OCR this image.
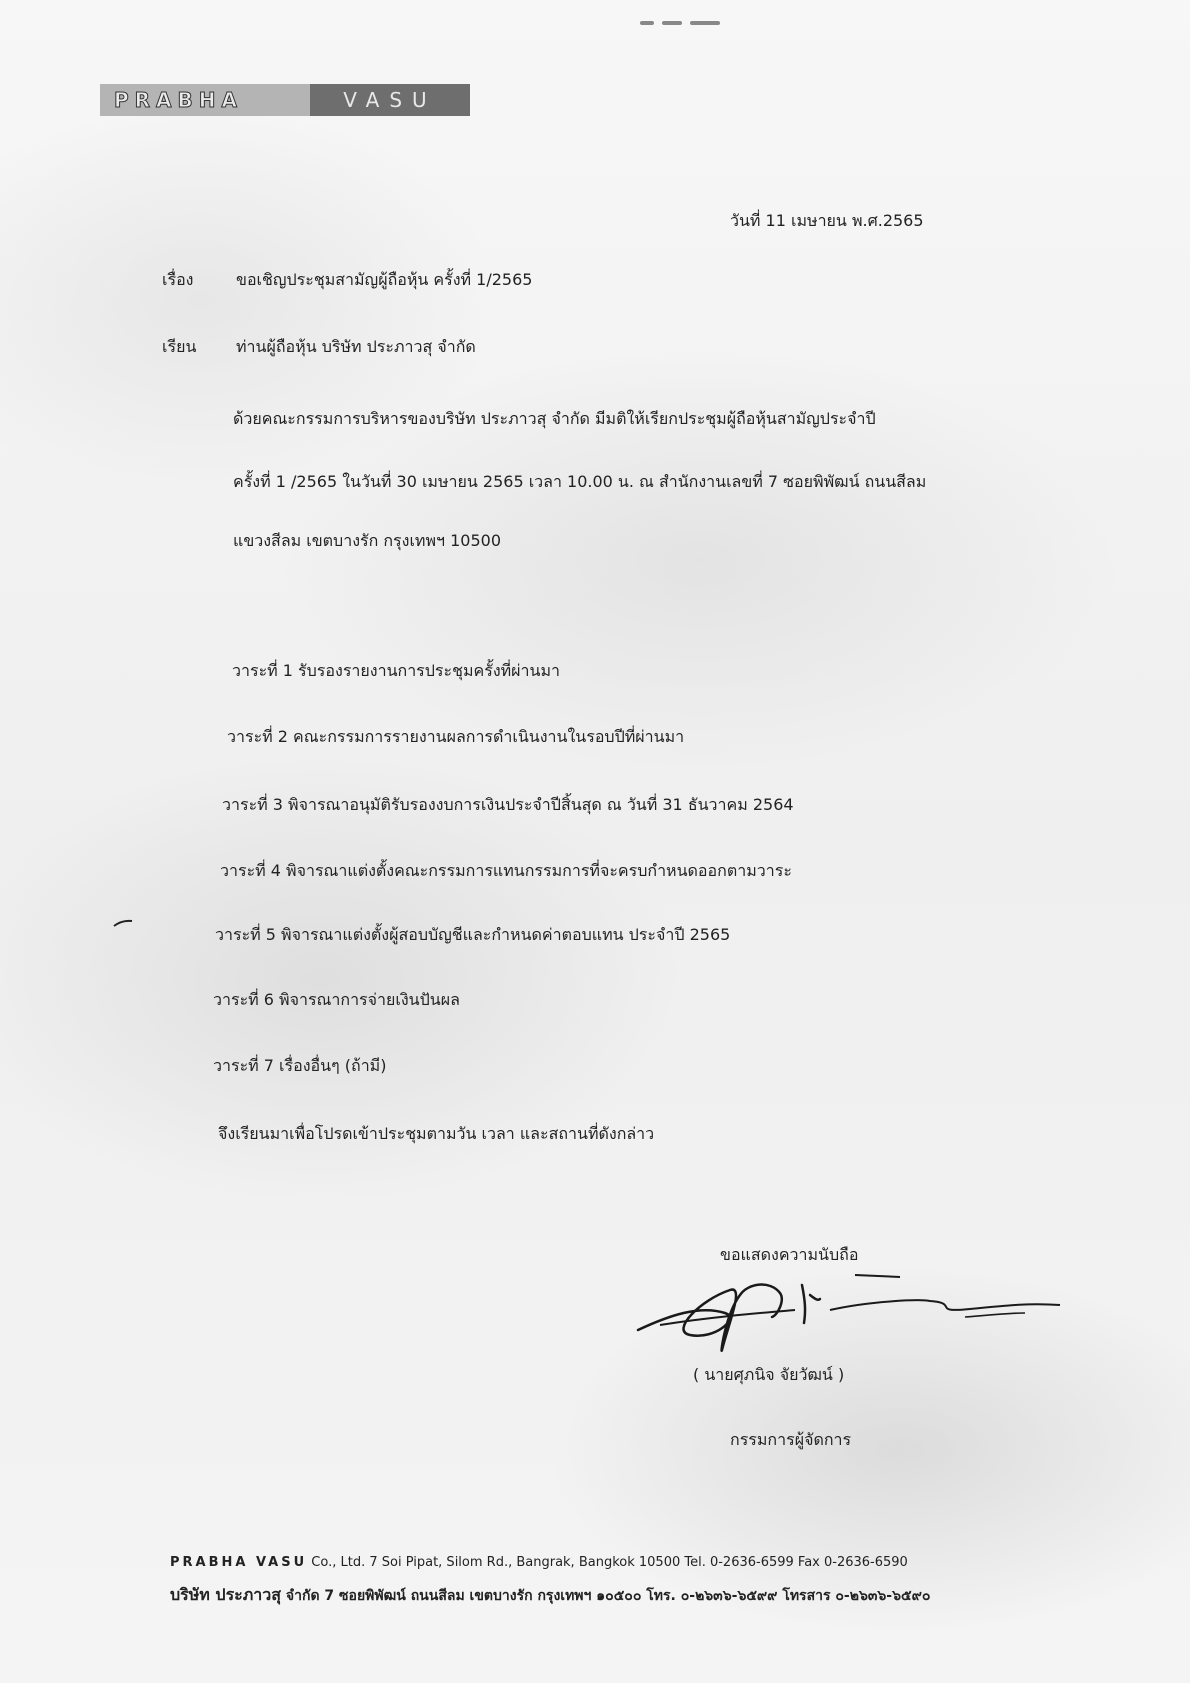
PRABHA	VASU
วันที่ 11 เมษายน พ.ศ.2565
เรื่อง	ขอเชิญประชุมสามัญผู้ถือหุ้น ครั้งที่ 1/2565
เรียน ท่านผู้ถือหุ้น บริษัท ประภาวสุ จำกัด
ด้วยคณะกรรมการบริหารของบริษัท ประภาวสุ จำกัด มีมติให้เรียกประชุมผู้ถือหุ้นสามัญประจำปี
ครั้งที่ 1 /2565 ในวันที่ 30 เมษายน 2565 เวลา 10.00 น. ณ สำนักงานเลขที่ 7 ซอยพิพัฒน์ ถนนสีลม
แขวงสีลม เขตบางรัก กรุงเทพฯ 10500
วาระที่ 1 รับรองรายงานการประชุมครั้งที่ผ่านมา
วาระที่ 2 คณะกรรมการรายงานผลการดำเนินงานในรอบปีที่ผ่านมา
วาระที่ 3 พิจารณาอนุมัติรับรองงบการเงินประจำปีสิ้นสุด ณ วันที่ 31 ธันวาคม 2564
วาระที่ 4 พิจารณาแต่งตั้งคณะกรรมการแทนกรรมการที่จะครบกำหนดออกตามวาระ
วาระที่ 5 พิจารณาแต่งตั้งผู้สอบบัญชีและกำหนดค่าตอบแทน ประจำปี 2565
วาระที่ 6 พิจารณาการจ่ายเงินปันผล
วาระที่ 7 เรื่องอื่นๆ (ถ้ามี)
จึงเรียนมาเพื่อโปรดเข้าประชุมตามวัน เวลา และสถานที่ดังกล่าว
ขอแสดงความนับถือ
( นายศุภนิจ จัยวัฒน์ )
กรรมการผู้จัดการ
PRABHA VASU Co., Ltd. 7 Soi Pipat, Silom Rd., Bangrak, Bangkok 10500 Tel. 0-2636-6599 Fax 0-2636-6590
บริษัท ประภาวสุ จำกัด 7 ซอยพิพัฒน์ ถนนสีลม เขตบางรัก กรุงเทพฯ ๑๐๕๐๐ โทร. ๐-๒๖๓๖-๖๕๙๙ โทรสาร ๐-๒๖๓๖-๖๕๙๐
